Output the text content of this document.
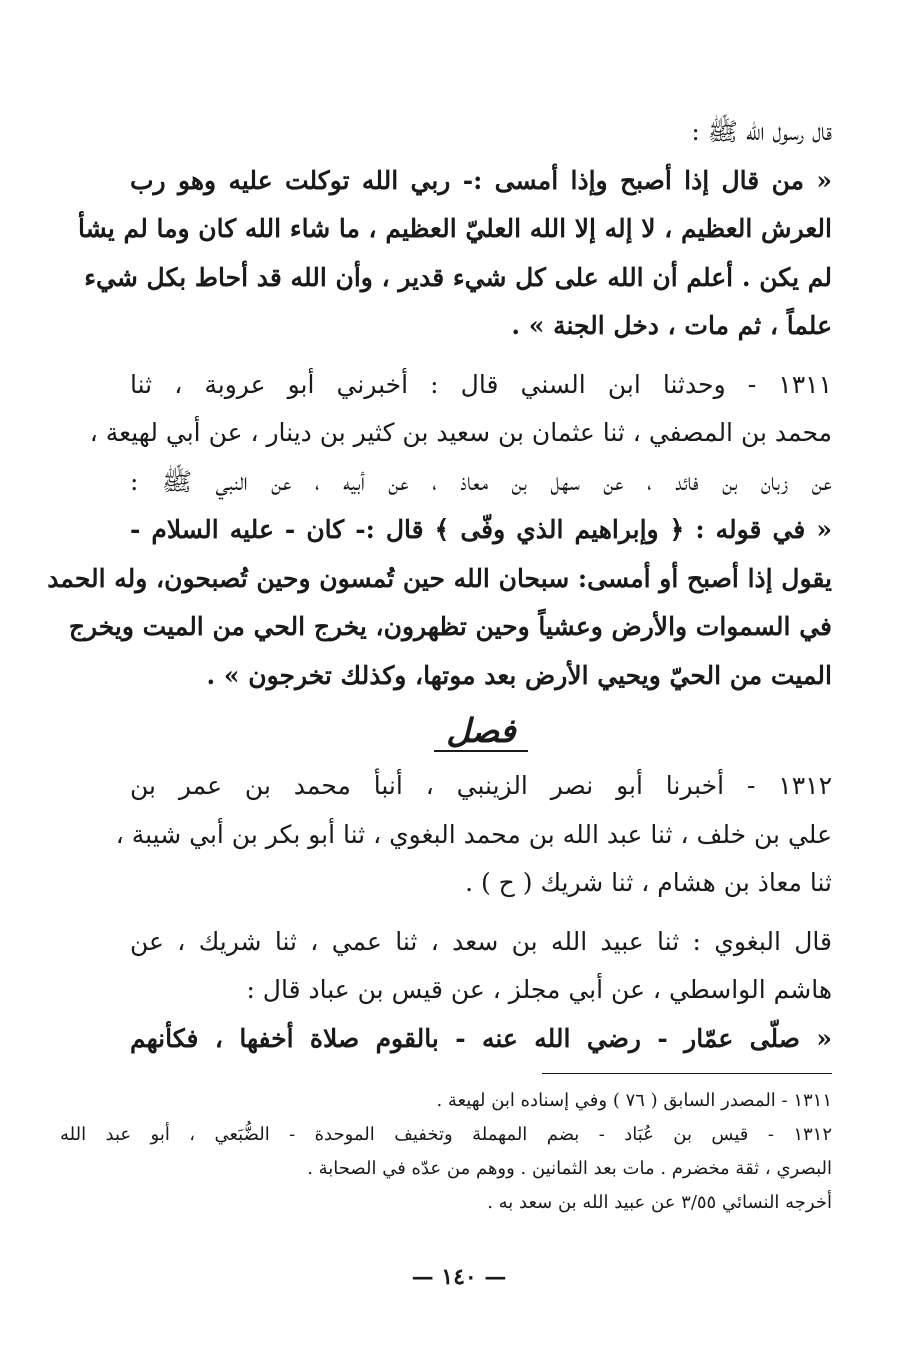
قال رسول الله ﷺ :
« من قال إذا أصبح وإذا أمسى :- ربي الله توكلت عليه وهو رب
العرش العظيم ، لا إله إلا الله العليّ العظيم ، ما شاء الله كان وما لم يشأ
لم يكن . أعلم أن الله على كل شيء قدير ، وأن الله قد أحاط بكل شيء
علماً ، ثم مات ، دخل الجنة » .
١٣١١ - وحدثنا ابن السني قال : أخبرني أبو عروبة ، ثنا
محمد بن المصفي ، ثنا عثمان بن سعيد بن كثير بن دينار ، عن أبي لهيعة ،
عن زبان بن فائد ، عن سهل بن معاذ ، عن أبيه ، عن النبي ﷺ :
« في قوله : ﴿ وإبراهيم الذي وفّى ﴾ قال :- كان - عليه السلام -
يقول إذا أصبح أو أمسى: سبحان الله حين تُمسون وحين تُصبحون، وله الحمد
في السموات والأرض وعشياً وحين تظهرون، يخرج الحي من الميت ويخرج
الميت من الحيّ ويحيي الأرض بعد موتها، وكذلك تخرجون » .
فصل
١٣١٢ - أخبرنا أبو نصر الزينبي ، أنبأ محمد بن عمر بن
علي بن خلف ، ثنا عبد الله بن محمد البغوي ، ثنا أبو بكر بن أبي شيبة ،
ثنا معاذ بن هشام ، ثنا شريك ( ح ) .
قال البغوي : ثنا عبيد الله بن سعد ، ثنا عمي ، ثنا شريك ، عن
هاشم الواسطي ، عن أبي مجلز ، عن قيس بن عباد قال :
« صلّى عمّار - رضي الله عنه - بالقوم صلاة أخفها ، فكأنهم
١٣١١ - المصدر السابق ( ٧٦ ) وفي إسناده ابن لهيعة .
١٣١٢ - قيس بن عُبَاد - بضم المهملة وتخفيف الموحدة - الضُّبَعي ، أبو عبد الله
البصري ، ثقة مخضرم . مات بعد الثمانين . ووهم من عدّه في الصحابة .
أخرجه النسائي ٣/٥٥ عن عبيد الله بن سعد به .
— ١٤٠ —
